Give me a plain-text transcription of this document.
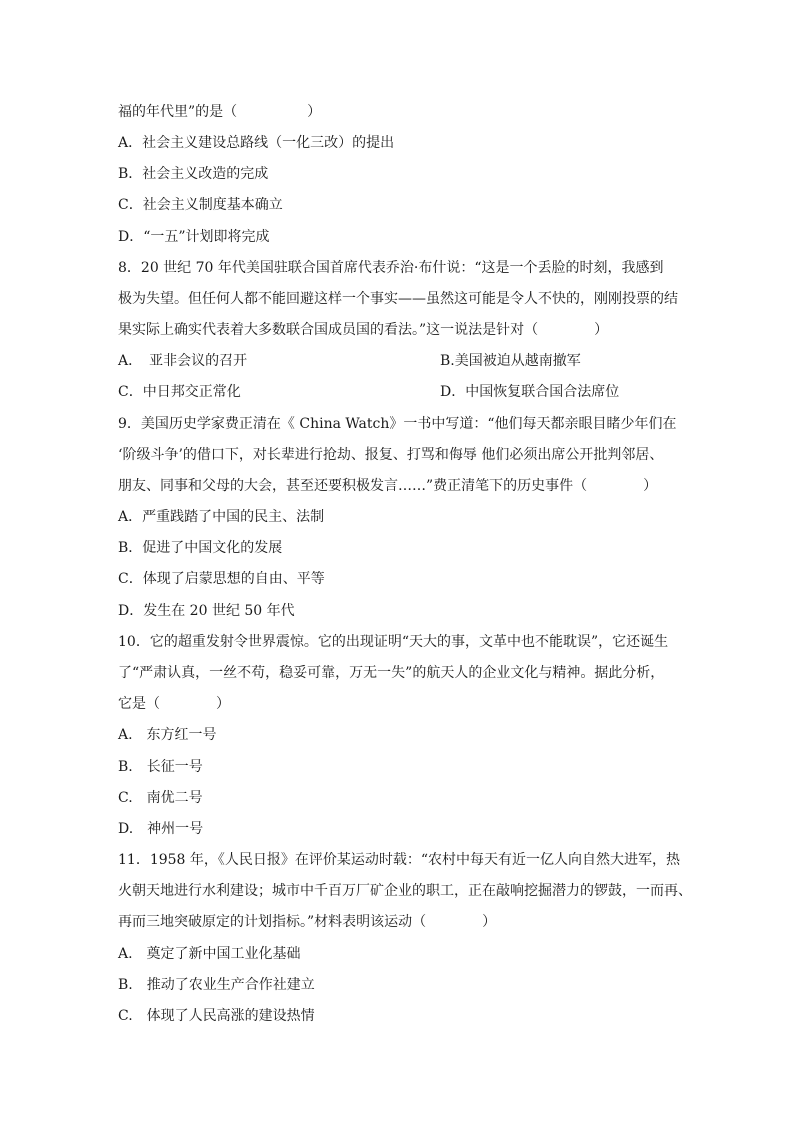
福的年代里”的是（　　　　　）
A．社会主义建设总路线（一化三改）的提出
B．社会主义改造的完成
C．社会主义制度基本确立
D．“一五”计划即将完成
8．20 世纪 70 年代美国驻联合国首席代表乔治·布什说：“这是一个丢脸的时刻，我感到
极为失望。但任何人都不能回避这样一个事实——虽然这可能是令人不快的，刚刚投票的结
果实际上确实代表着大多数联合国成员国的看法。”这一说法是针对（　　　　）
A．　亚非会议的召开	B.美国被迫从越南撤军
C．中日邦交正常化	D．中国恢复联合国合法席位
9．美国历史学家费正清在《 China Watch》一书中写道：“他们每天都亲眼目睹少年们在
‘阶级斗争’的借口下，对长辈进行抢劫、报复、打骂和侮辱 他们必须出席公开批判邻居、
朋友、同事和父母的大会，甚至还要积极发言……”费正清笔下的历史事件（　　　　）
A．严重践踏了中国的民主、法制
B．促进了中国文化的发展
C．体现了启蒙思想的自由、平等
D．发生在 20 世纪 50 年代
10．它的超重发射令世界震惊。它的出现证明“天大的事，文革中也不能耽误”，它还诞生
了“严肃认真，一丝不苟，稳妥可靠，万无一失”的航天人的企业文化与精神。据此分析，
它是（　　　　）
A.　东方红一号
B.　长征一号
C.　南优二号
D.　神州一号
11．1958 年，《人民日报》在评价某运动时载：“农村中每天有近一亿人向自然大进军，热
火朝天地进行水利建设；城市中千百万厂矿企业的职工，正在敲响挖掘潜力的锣鼓，一而再、
再而三地突破原定的计划指标。”材料表明该运动（　　　　）
A.　奠定了新中国工业化基础
B.　推动了农业生产合作社建立
C.　体现了人民高涨的建设热情
